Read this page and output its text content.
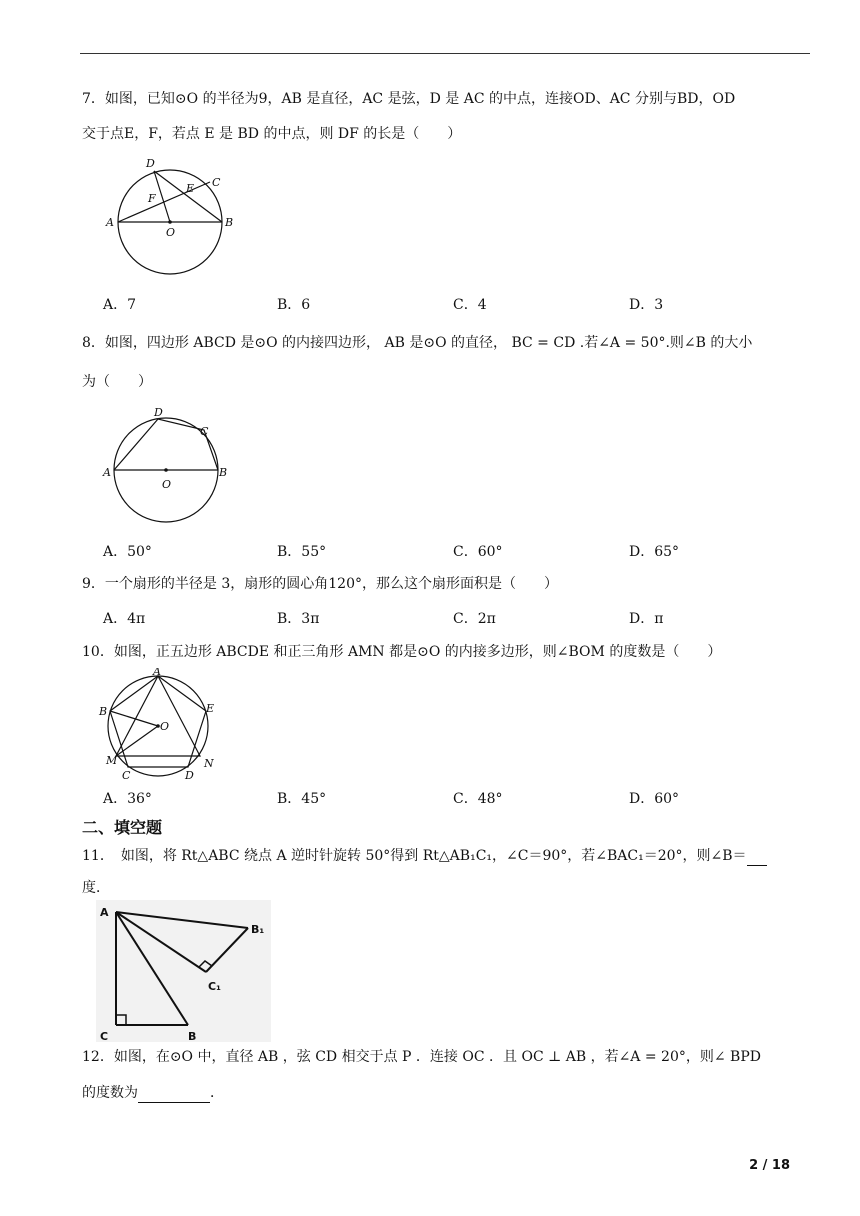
7．如图，已知⊙O 的半径为9，AB 是直径，AC 是弦，D 是 AC 的中点，连接OD、AC 分别与BD，OD
交于点E，F，若点 E 是 BD 的中点，则 DF 的长是（　　）
D
C
E
F
A	B
O
A．7	B．6	C．4	D．3
8．如图，四边形 ABCD 是⊙O 的内接四边形， AB 是⊙O 的直径， BC = CD .若∠A = 50°.则∠B 的大小
为（　　）
D
C
A	B
O
A．50°	B．55°	C．60°	D．65°
9．一个扇形的半径是 3，扇形的圆心角120°，那么这个扇形面积是（　　）
A．4π	B．3π	C．2π	D．π
10．如图，正五边形 ABCDE 和正三角形 AMN 都是⊙O 的内接多边形，则∠BOM 的度数是（　　）
A
B	E
O
M
C	D
N
A．36°	B．45°	C．48°	D．60°
二、填空题
11．　如图，将 Rt△ABC 绕点 A 逆时针旋转 50°得到 Rt△AB₁C₁，∠C＝90°，若∠BAC₁＝20°，则∠B＝
度．
A
B₁
C₁
C	B
12．如图，在⊙O 中，直径 AB ，弦 CD 相交于点 P ．连接 OC ．且 OC ⊥ AB ，若∠A = 20°，则∠ BPD
的度数为	．
2 / 18
